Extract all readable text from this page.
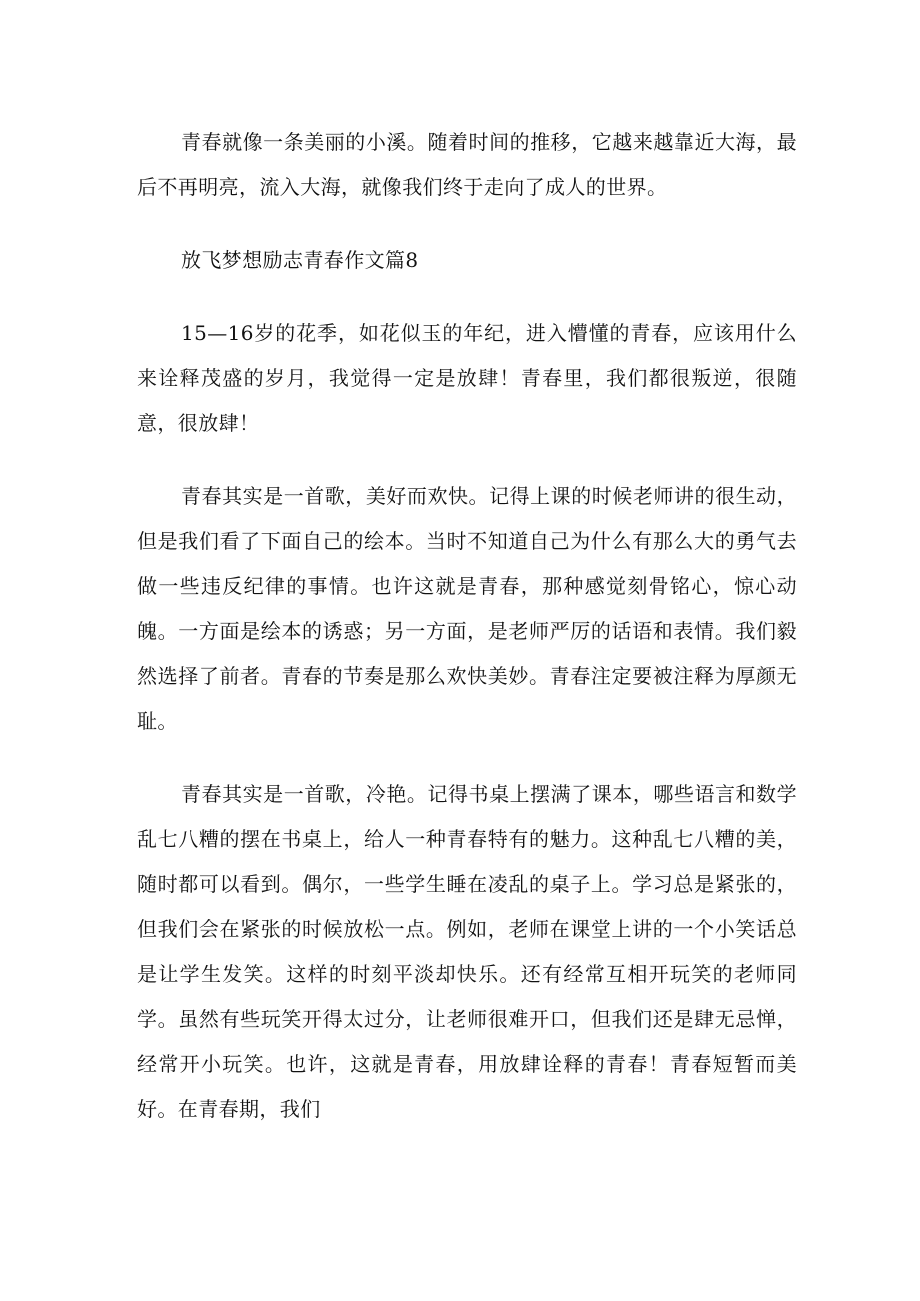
青春就像一条美丽的小溪。随着时间的推移，它越来越靠近大海，最后不再明亮，流入大海，就像我们终于走向了成人的世界。

放飞梦想励志青春作文篇8

15—16岁的花季，如花似玉的年纪，进入懵懂的青春，应该用什么来诠释茂盛的岁月，我觉得一定是放肆！青春里，我们都很叛逆，很随意，很放肆！

青春其实是一首歌，美好而欢快。记得上课的时候老师讲的很生动，但是我们看了下面自己的绘本。当时不知道自己为什么有那么大的勇气去做一些违反纪律的事情。也许这就是青春，那种感觉刻骨铭心，惊心动魄。一方面是绘本的诱惑；另一方面，是老师严厉的话语和表情。我们毅然选择了前者。青春的节奏是那么欢快美妙。青春注定要被注释为厚颜无耻。

青春其实是一首歌，冷艳。记得书桌上摆满了课本，哪些语言和数学乱七八糟的摆在书桌上，给人一种青春特有的魅力。这种乱七八糟的美，随时都可以看到。偶尔，一些学生睡在凌乱的桌子上。学习总是紧张的，但我们会在紧张的时候放松一点。例如，老师在课堂上讲的一个小笑话总是让学生发笑。这样的时刻平淡却快乐。还有经常互相开玩笑的老师同学。虽然有些玩笑开得太过分，让老师很难开口，但我们还是肆无忌惮，经常开小玩笑。也许，这就是青春，用放肆诠释的青春！青春短暂而美好。在青春期，我们
